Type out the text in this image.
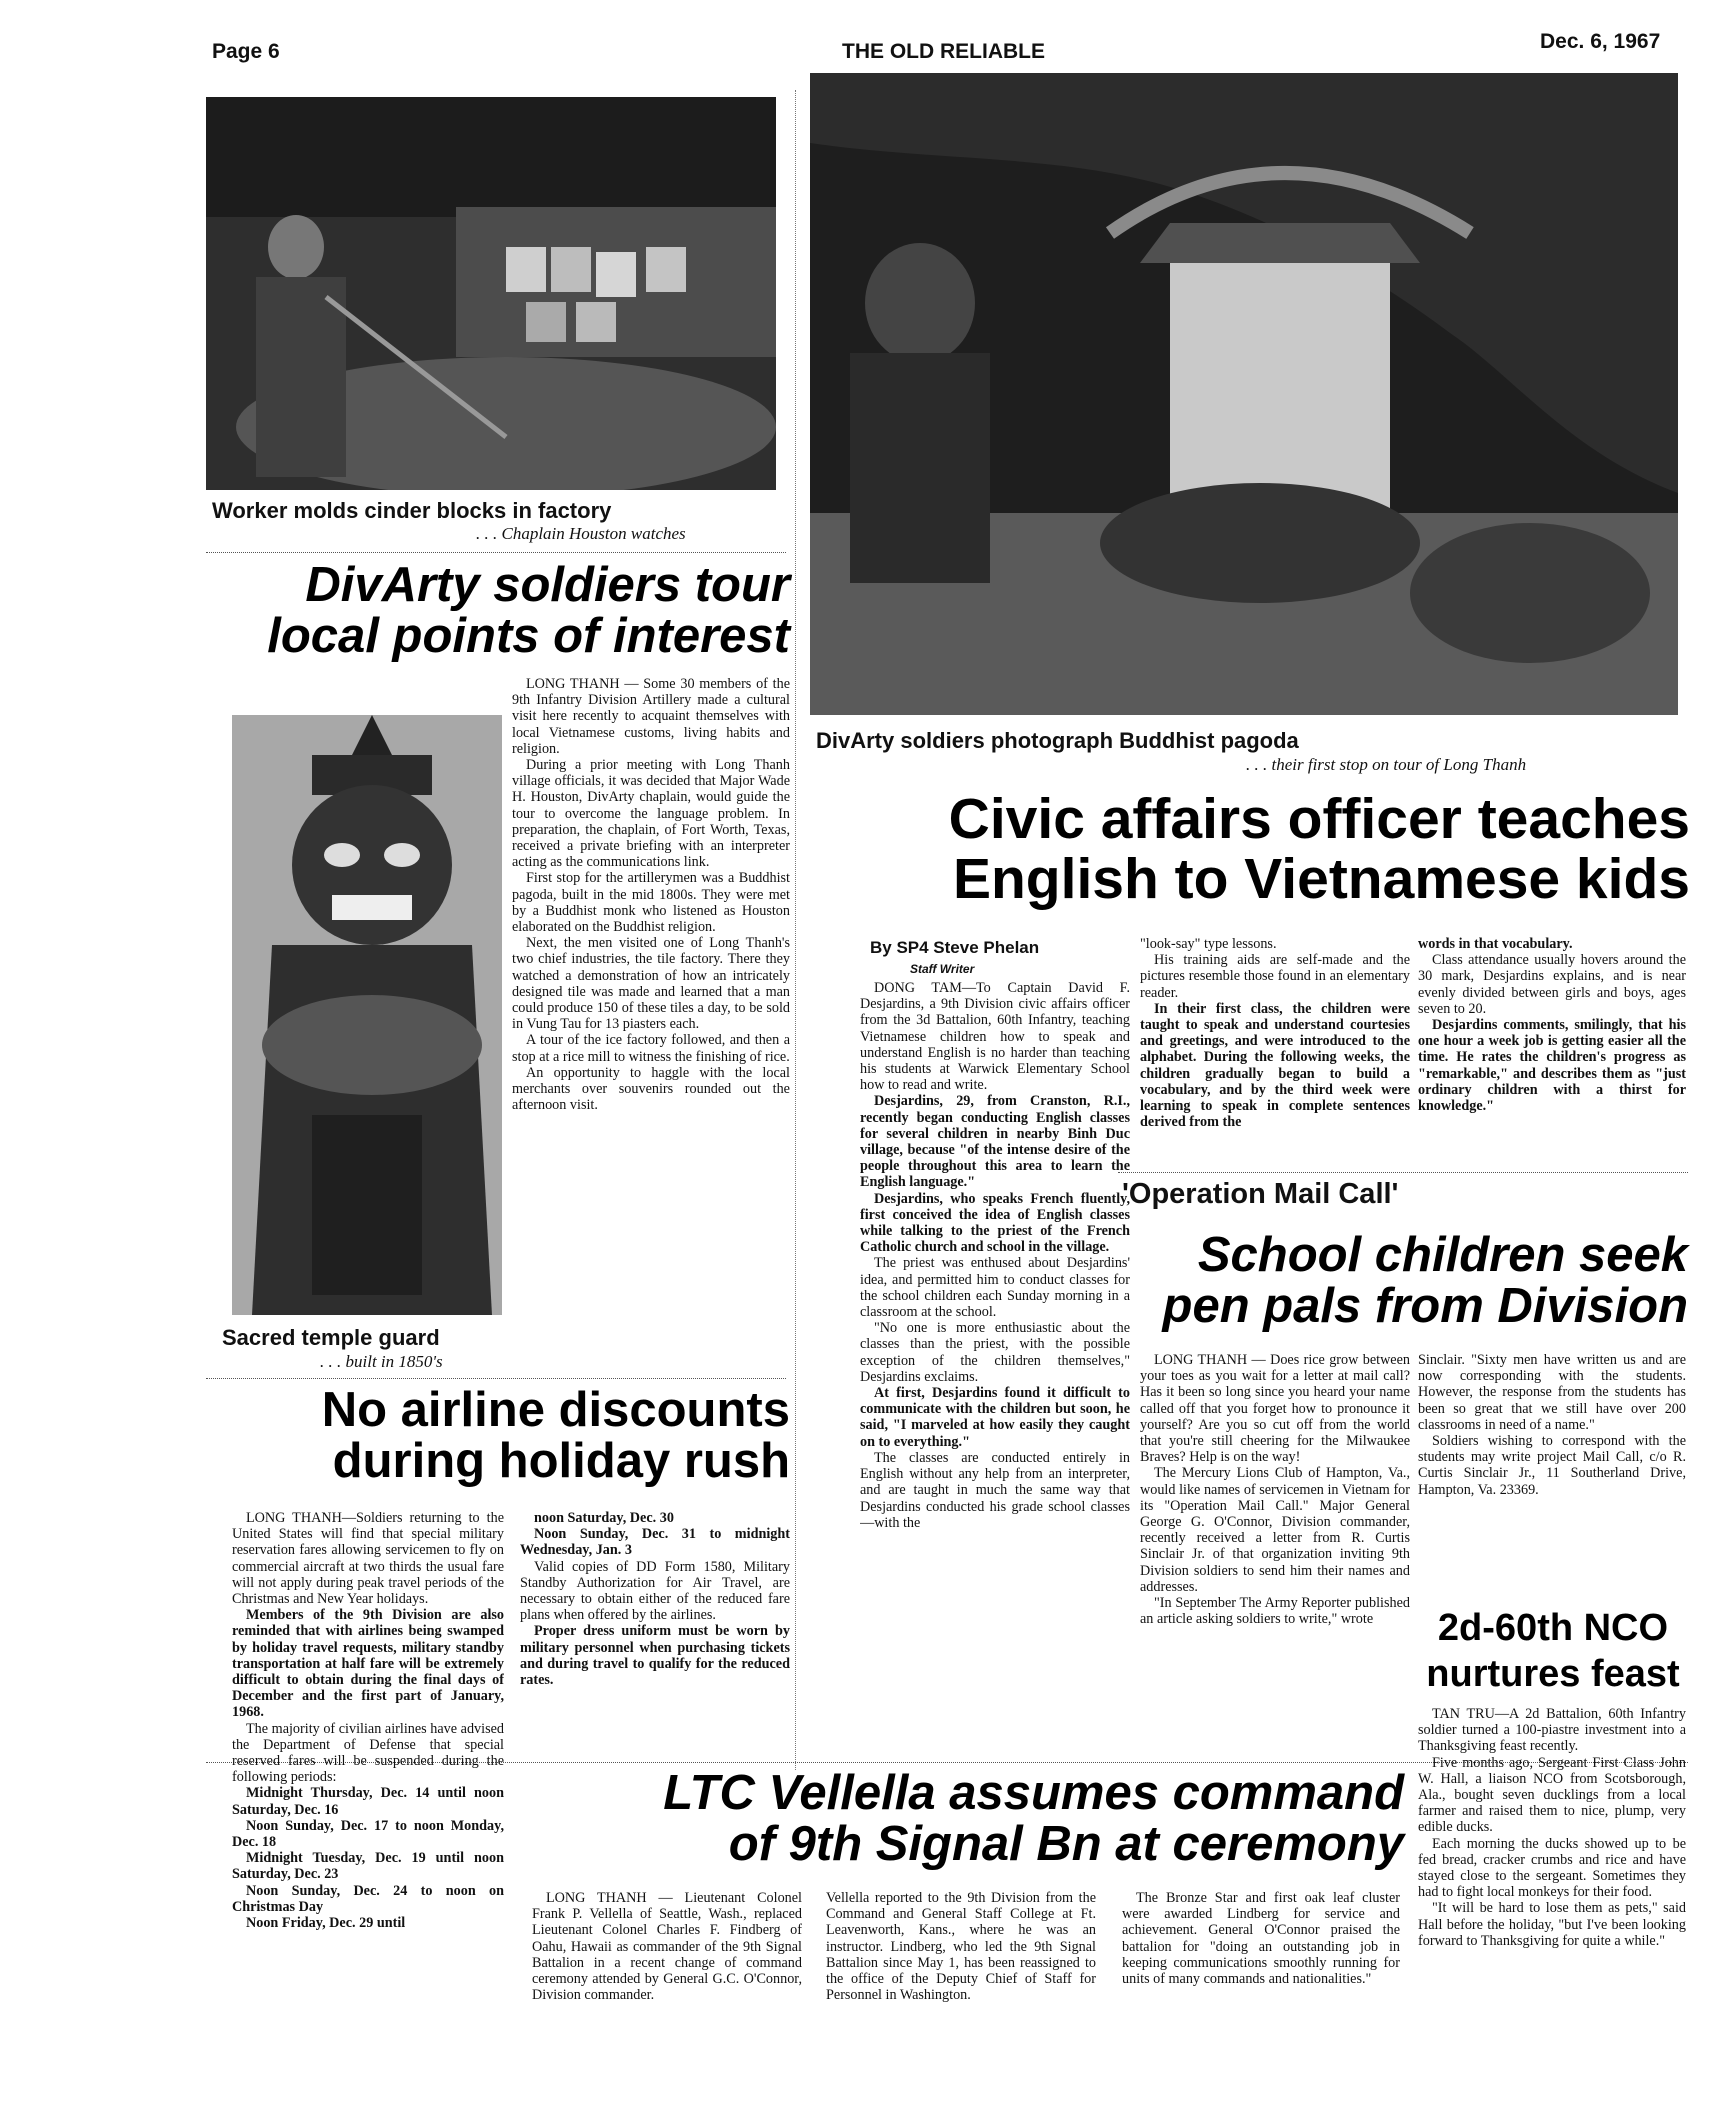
Page 6	THE OLD RELIABLE	Dec. 6, 1967
Worker molds cinder blocks in factory
. . . Chaplain Houston watches
DivArty soldiers photograph Buddhist pagoda
. . . their first stop on tour of Long Thanh
DivArty soldiers tour
local points of interest
Sacred temple guard
. . . built in 1850's

LONG THANH — Some 30 members of the 9th Infantry Division Artillery made a cultural visit here recently to acquaint themselves with local Vietnamese customs, living habits and religion.

During a prior meeting with Long Thanh village officials, it was decided that Major Wade H. Houston, DivArty chaplain, would guide the tour to overcome the language problem. In preparation, the chaplain, of Fort Worth, Texas, received a private briefing with an interpreter acting as the communications link.

First stop for the artillerymen was a Buddhist pagoda, built in the mid 1800s. They were met by a Buddhist monk who listened as Houston elaborated on the Buddhist religion.

Next, the men visited one of Long Thanh's two chief industries, the tile factory. There they watched a demonstration of how an intricately designed tile was made and learned that a man could produce 150 of these tiles a day, to be sold in Vung Tau for 13 piasters each.

A tour of the ice factory followed, and then a stop at a rice mill to witness the finishing of rice.

An opportunity to haggle with the local merchants over souvenirs rounded out the afternoon visit.

No airline discounts
during holiday rush

LONG THANH—Soldiers returning to the United States will find that special military reservation fares allowing servicemen to fly on commercial aircraft at two thirds the usual fare will not apply during peak travel periods of the Christmas and New Year holidays.

Members of the 9th Division are also reminded that with airlines being swamped by holiday travel requests, military standby transportation at half fare will be extremely difficult to obtain during the final days of December and the first part of January, 1968.

The majority of civilian airlines have advised the Department of Defense that special reserved fares will be suspended during the following periods:

Midnight Thursday, Dec. 14 until noon Saturday, Dec. 16

Noon Sunday, Dec. 17 to noon Monday, Dec. 18

Midnight Tuesday, Dec. 19 until noon Saturday, Dec. 23

Noon Sunday, Dec. 24 to noon on Christmas Day

Noon Friday, Dec. 29 until

noon Saturday, Dec. 30

Noon Sunday, Dec. 31 to midnight Wednesday, Jan. 3

Valid copies of DD Form 1580, Military Standby Authorization for Air Travel, are necessary to obtain either of the reduced fare plans when offered by the airlines.

Proper dress uniform must be worn by military personnel when purchasing tickets and during travel to qualify for the reduced rates.

Civic affairs officer teaches
English to Vietnamese kids
By SP4 Steve Phelan
Staff Writer

DONG TAM—To Captain David F. Desjardins, a 9th Division civic affairs officer from the 3d Battalion, 60th Infantry, teaching Vietnamese children how to speak and understand English is no harder than teaching his students at Warwick Elementary School how to read and write.

Desjardins, 29, from Cranston, R.I., recently began conducting English classes for several children in nearby Binh Duc village, because "of the intense desire of the people throughout this area to learn the English language."

Desjardins, who speaks French fluently, first conceived the idea of English classes while talking to the priest of the French Catholic church and school in the village.

The priest was enthused about Desjardins' idea, and permitted him to conduct classes for the school children each Sunday morning in a classroom at the school.

"No one is more enthusiastic about the classes than the priest, with the possible exception of the children themselves," Desjardins exclaims.

At first, Desjardins found it difficult to communicate with the children but soon, he said, "I marveled at how easily they caught on to everything."

The classes are conducted entirely in English without any help from an interpreter, and are taught in much the same way that Desjardins conducted his grade school classes—with the

"look-say" type lessons.

His training aids are self-made and the pictures resemble those found in an elementary reader.

In their first class, the children were taught to speak and understand courtesies and greetings, and were introduced to the alphabet. During the following weeks, the children gradually began to build a vocabulary, and by the third week were learning to speak in complete sentences derived from the

words in that vocabulary.

Class attendance usually hovers around the 30 mark, Desjardins explains, and is near evenly divided between girls and boys, ages seven to 20.

Desjardins comments, smilingly, that his one hour a week job is getting easier all the time. He rates the children's progress as "remarkable," and describes them as "just ordinary children with a thirst for knowledge."

'Operation Mail Call'
School children seek
pen pals from Division

LONG THANH — Does rice grow between your toes as you wait for a letter at mail call? Has it been so long since you heard your name called off that you forget how to pronounce it yourself? Are you so cut off from the world that you're still cheering for the Milwaukee Braves? Help is on the way!

The Mercury Lions Club of Hampton, Va., would like names of servicemen in Vietnam for its "Operation Mail Call." Major General George G. O'Connor, Division commander, recently received a letter from R. Curtis Sinclair Jr. of that organization inviting 9th Division soldiers to send him their names and addresses.

"In September The Army Reporter published an article asking soldiers to write," wrote

Sinclair. "Sixty men have written us and are now corresponding with the students. However, the response from the students has been so great that we still have over 200 classrooms in need of a name."

Soldiers wishing to correspond with the students may write project Mail Call, c/o R. Curtis Sinclair Jr., 11 Southerland Drive, Hampton, Va. 23369.

2d-60th NCO
nurtures feast

TAN TRU—A 2d Battalion, 60th Infantry soldier turned a 100-piastre investment into a Thanksgiving feast recently.

Five months ago, Sergeant First Class John W. Hall, a liaison NCO from Scotsborough, Ala., bought seven ducklings from a local farmer and raised them to nice, plump, very edible ducks.

Each morning the ducks showed up to be fed bread, cracker crumbs and rice and have stayed close to the sergeant. Sometimes they had to fight local monkeys for their food.

"It will be hard to lose them as pets," said Hall before the holiday, "but I've been looking forward to Thanksgiving for quite a while."

LTC Vellella assumes command
of 9th Signal Bn at ceremony

LONG THANH — Lieutenant Colonel Frank P. Vellella of Seattle, Wash., replaced Lieutenant Colonel Charles F. Findberg of Oahu, Hawaii as commander of the 9th Signal Battalion in a recent change of command ceremony attended by General G.C. O'Connor, Division commander.

Vellella reported to the 9th Division from the Command and General Staff College at Ft. Leavenworth, Kans., where he was an instructor. Lindberg, who led the 9th Signal Battalion since May 1, has been reassigned to the office of the Deputy Chief of Staff for Personnel in Washington.

The Bronze Star and first oak leaf cluster were awarded Lindberg for service and achievement. General O'Connor praised the battalion for "doing an outstanding job in keeping communications smoothly running for units of many commands and nationalities."
